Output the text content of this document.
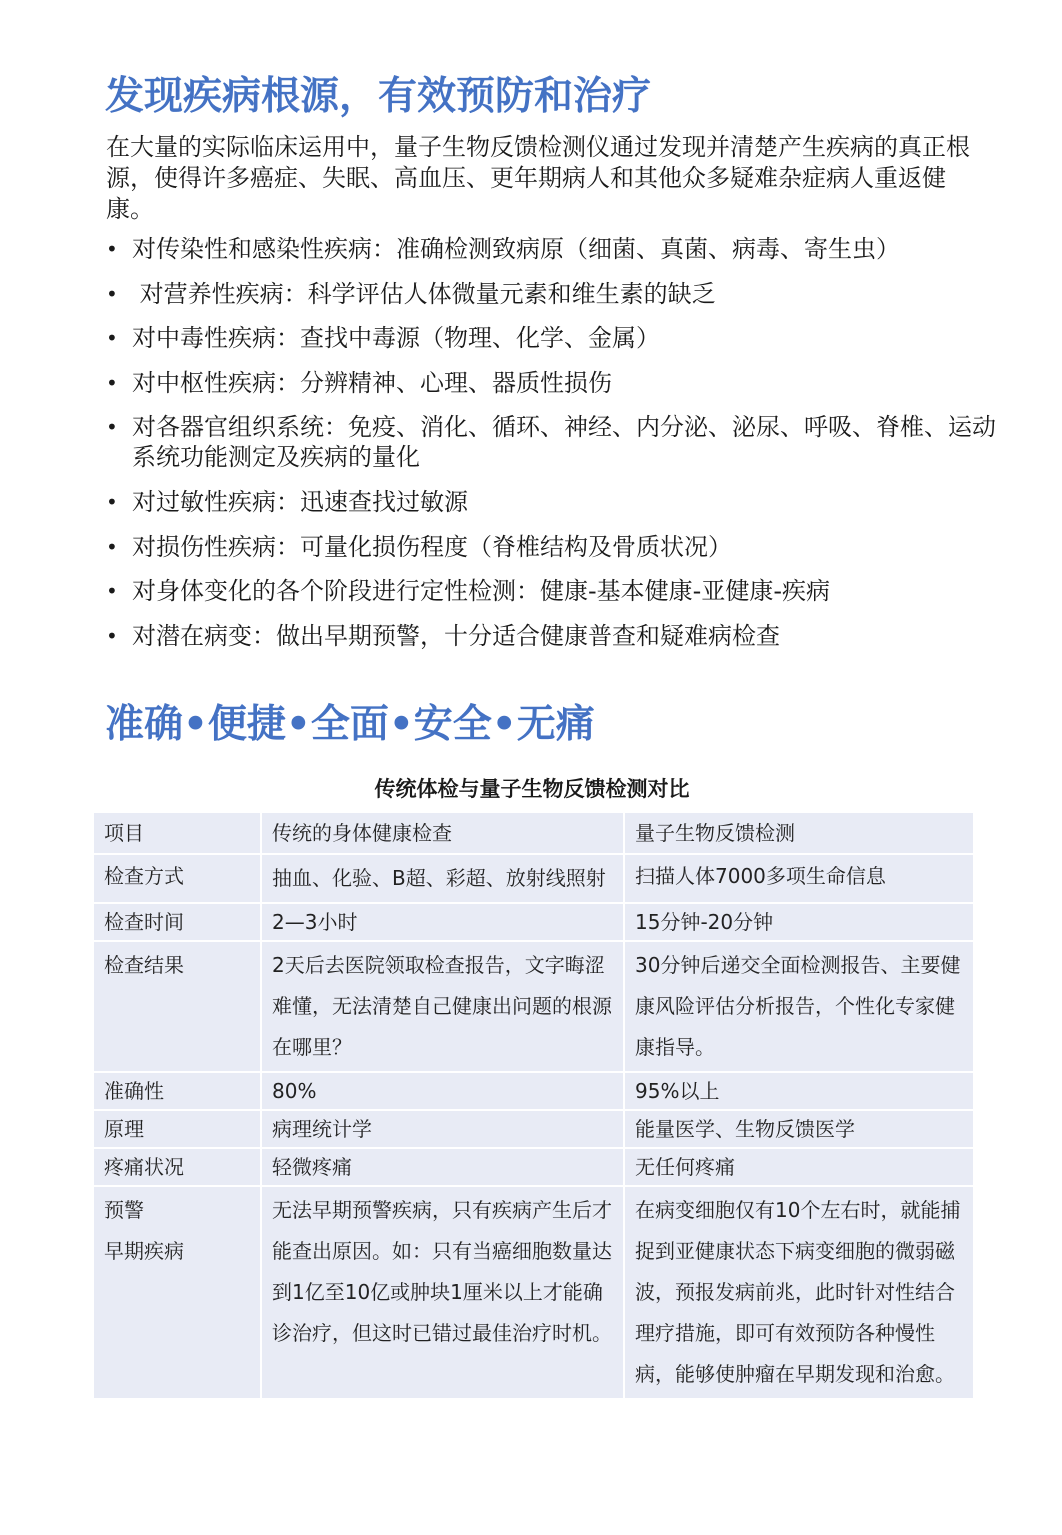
发现疾病根源，有效预防和治疗

在大量的实际临床运用中，量子生物反馈检测仪通过发现并清楚产生疾病的真正根源，使得许多癌症、失眠、高血压、更年期病人和其他众多疑难杂症病人重返健康。

• 对传染性和感染性疾病：准确检测致病原（细菌、真菌、病毒、寄生虫）
• 对营养性疾病：科学评估人体微量元素和维生素的缺乏
• 对中毒性疾病：查找中毒源（物理、化学、金属）
• 对中枢性疾病：分辨精神、心理、器质性损伤
• 对各器官组织系统：免疫、消化、循环、神经、内分泌、泌尿、呼吸、脊椎、运动系统功能测定及疾病的量化
• 对过敏性疾病：迅速查找过敏源
• 对损伤性疾病：可量化损伤程度（脊椎结构及骨质状况）
• 对身体变化的各个阶段进行定性检测：健康-基本健康-亚健康-疾病
• 对潜在病变：做出早期预警，十分适合健康普查和疑难病检查
准确•便捷•全面•安全•无痛
传统体检与量子生物反馈检测对比
项目	传统的身体健康检查	量子生物反馈检测
检查方式	抽血、化验、B超、彩超、放射线照射	扫描人体7000多项生命信息
检查时间	2—3小时	15分钟-20分钟
检查结果	2天后去医院领取检查报告，文字晦涩难懂，无法清楚自己健康出问题的根源在哪里？	30分钟后递交全面检测报告、主要健康风险评估分析报告，个性化专家健康指导。
准确性	80%	95%以上
原理	病理统计学	能量医学、生物反馈医学
疼痛状况	轻微疼痛	无任何疼痛

预警
早期疾病	无法早期预警疾病，只有疾病产生后才能查出原因。如：只有当癌细胞数量达到1亿至10亿或肿块1厘米以上才能确诊治疗，但这时已错过最佳治疗时机。	在病变细胞仅有10个左右时，就能捕捉到亚健康状态下病变细胞的微弱磁波，预报发病前兆，此时针对性结合理疗措施，即可有效预防各种慢性病，能够使肿瘤在早期发现和治愈。
